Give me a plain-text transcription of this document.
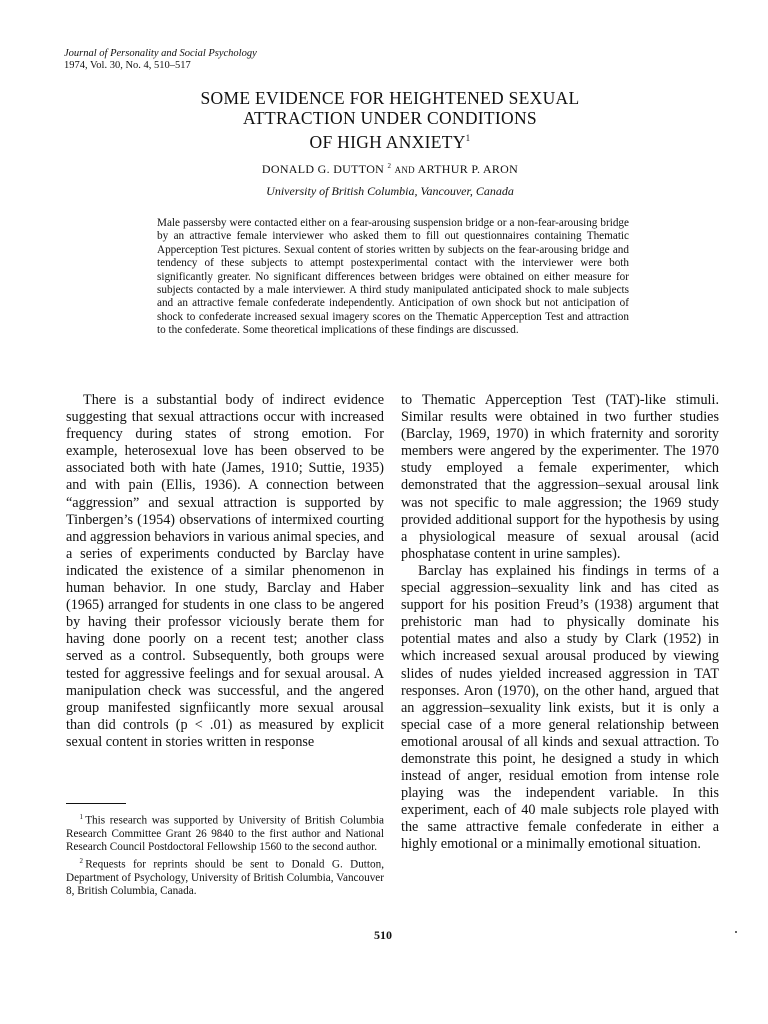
Journal of Personality and Social Psychology
1974, Vol. 30, No. 4, 510–517
SOME EVIDENCE FOR HEIGHTENED SEXUAL
ATTRACTION UNDER CONDITIONS
OF HIGH ANXIETY$^1$
DONALD G. DUTTON $^2$ AND ARTHUR P. ARON
University of British Columbia, Vancouver, Canada
Male passersby were contacted either on a fear-arousing suspension bridge or a non-fear-arousing bridge by an attractive female interviewer who asked them to fill out questionnaires containing Thematic Apperception Test pictures. Sexual content of stories written by subjects on the fear-arousing bridge and tendency of these subjects to attempt postexperimental contact with the interviewer were both significantly greater. No significant differences between bridges were obtained on either measure for subjects contacted by a male interviewer. A third study manipulated anticipated shock to male subjects and an attractive female confederate independently. Anticipation of own shock but not anticipation of shock to confederate increased sexual imagery scores on the Thematic Apperception Test and attraction to the confederate. Some theoretical implications of these findings are discussed.

There is a substantial body of indirect evidence suggesting that sexual attractions occur with increased frequency during states of strong emotion. For example, heterosexual love has been observed to be associated both with hate (James, 1910; Suttie, 1935) and with pain (Ellis, 1936). A connection between “aggression” and sexual attraction is supported by Tinbergen’s (1954) observations of intermixed courting and aggression behaviors in various animal species, and a series of experiments conducted by Barclay have indicated the existence of a similar phenomenon in human behavior. In one study, Barclay and Haber (1965) arranged for students in one class to be angered by having their professor viciously berate them for having done poorly on a recent test; another class served as a control. Subsequently, both groups were tested for aggressive feelings and for sexual arousal. A manipulation check was successful, and the angered group manifested signfiicantly more sexual arousal than did controls (p < .01) as measured by explicit sexual content in stories written in response

to Thematic Apperception Test (TAT)-like stimuli. Similar results were obtained in two further studies (Barclay, 1969, 1970) in which fraternity and sorority members were angered by the experimenter. The 1970 study employed a female experimenter, which demonstrated that the aggression–sexual arousal link was not specific to male aggression; the 1969 study provided additional support for the hypothesis by using a physiological measure of sexual arousal (acid phosphatase content in urine samples).

Barclay has explained his findings in terms of a special aggression–sexuality link and has cited as support for his position Freud’s (1938) argument that prehistoric man had to physically dominate his potential mates and also a study by Clark (1952) in which increased sexual arousal produced by viewing slides of nudes yielded increased aggression in TAT responses. Aron (1970), on the other hand, argued that an aggression–sexuality link exists, but it is only a special case of a more general relationship between emotional arousal of all kinds and sexual attraction. To demonstrate this point, he designed a study in which instead of anger, residual emotion from intense role playing was the independent variable. In this experiment, each of 40 male subjects role played with the same attractive female confederate in either a highly emotional or a minimally emotional situation.

$^1$  This research was supported by University of British Columbia Research Committee Grant 26 9840 to the first author and National Research Council Postdoctoral Fellowship 1560 to the second author.

$^2$  Requests for reprints should be sent to Donald G. Dutton, Department of Psychology, University of British Columbia, Vancouver 8, British Columbia, Canada.

510
